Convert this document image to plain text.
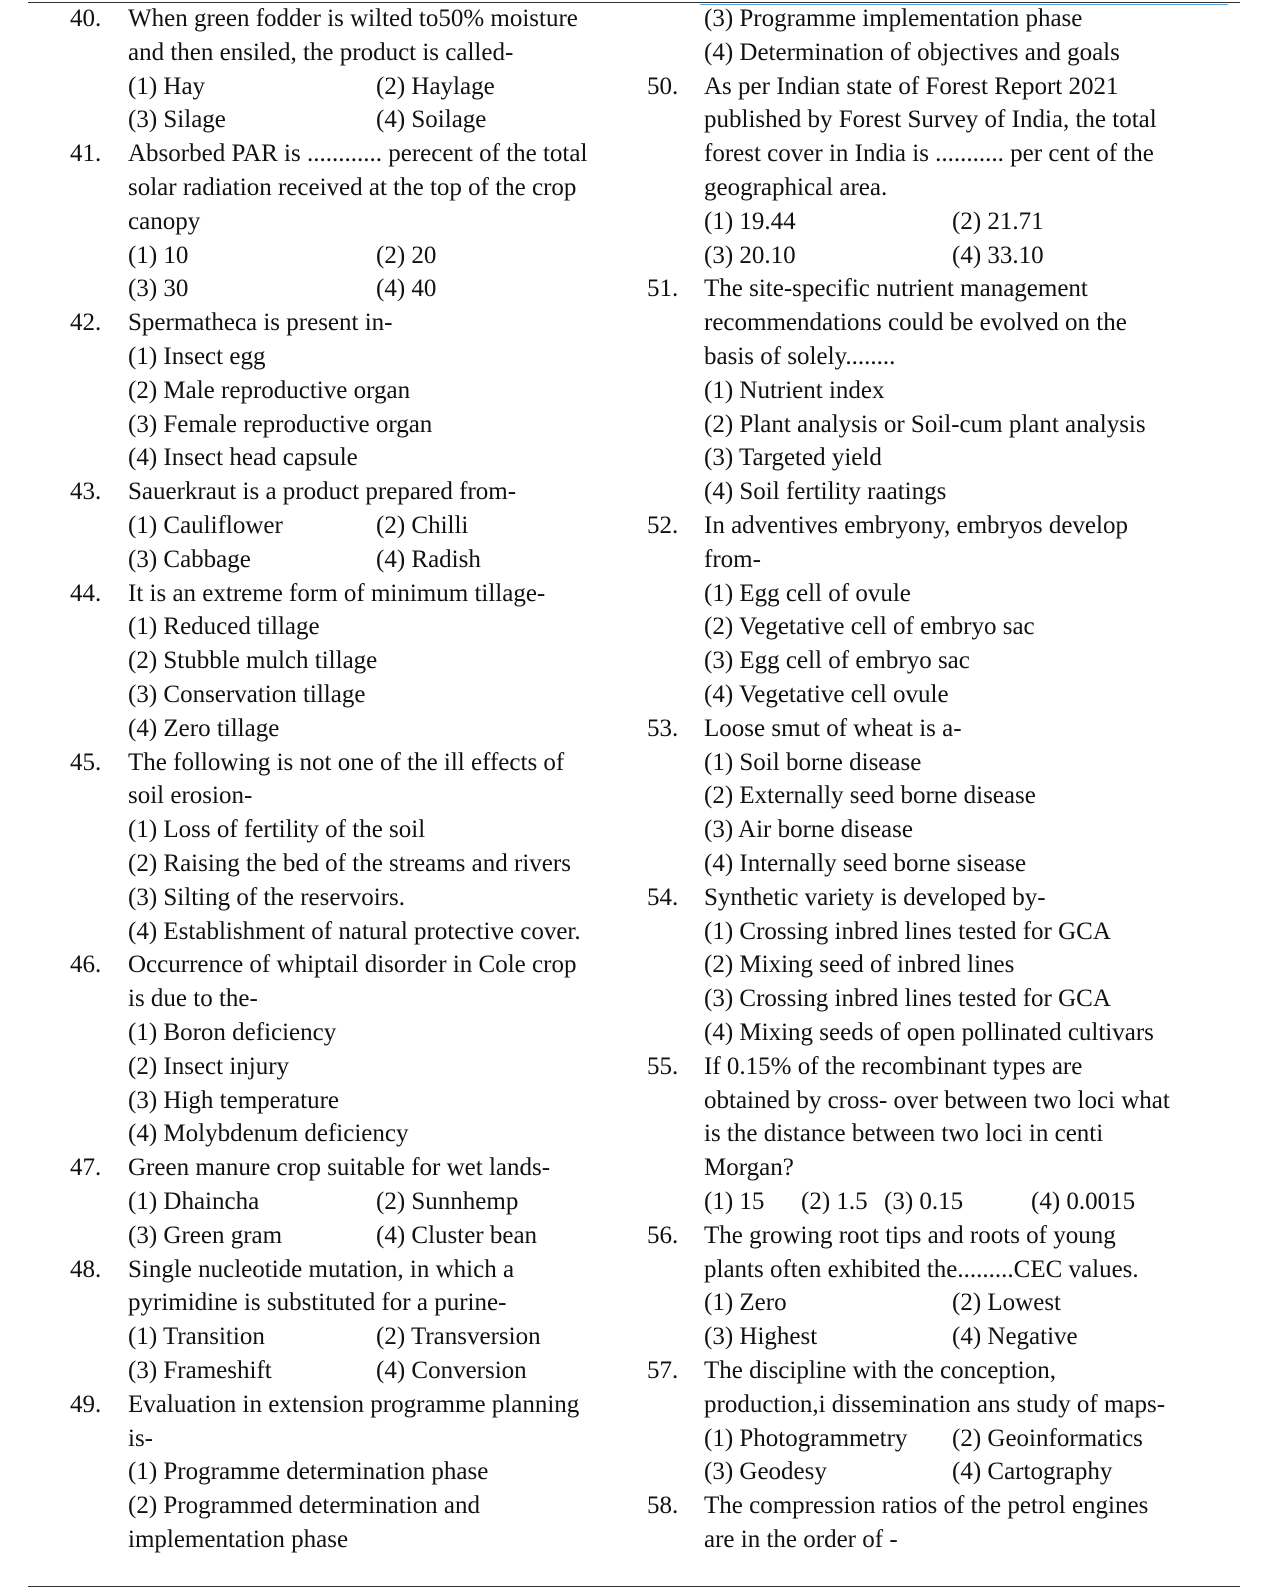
40. When green fodder is wilted to50% moisture
and then ensiled, the product is called-
(1) Hay	(2) Haylage
(3) Silage	(4) Soilage
41. Absorbed PAR is ............ perecent of the total
solar radiation received at the top of the crop
canopy
(1) 10	(2) 20
(3) 30	(4) 40
42. Spermatheca is present in-
(1) Insect egg
(2) Male reproductive organ
(3) Female reproductive organ
(4) Insect head capsule
43. Sauerkraut is a product prepared from-
(1) Cauliflower	(2) Chilli
(3) Cabbage	(4) Radish
44. It is an extreme form of minimum tillage-
(1) Reduced tillage
(2) Stubble mulch tillage
(3) Conservation tillage
(4) Zero tillage
45. The following is not one of the ill effects of
soil erosion-
(1) Loss of fertility of the soil
(2) Raising the bed of the streams and rivers
(3) Silting of the reservoirs.
(4) Establishment of natural protective cover.
46. Occurrence of whiptail disorder in Cole crop
is due to the-
(1) Boron deficiency
(2) Insect injury
(3) High temperature
(4) Molybdenum deficiency
47. Green manure crop suitable for wet lands-
(1) Dhaincha	(2) Sunnhemp
(3) Green gram	(4) Cluster bean
48. Single nucleotide mutation, in which a
pyrimidine is substituted for a purine-
(1) Transition	(2) Transversion
(3) Frameshift	(4) Conversion
49. Evaluation in extension programme planning
is-
(1) Programme determination phase
(2) Programmed determination and
implementation phase
(3) Programme implementation phase
(4) Determination of objectives and goals
50. As per Indian state of Forest Report 2021
published by Forest Survey of India, the total
forest cover in India is ........... per cent of the
geographical area.
(1) 19.44	(2) 21.71
(3) 20.10	(4) 33.10
51. The site-specific nutrient management
recommendations could be evolved on the
basis of solely........
(1) Nutrient index
(2) Plant analysis or Soil-cum plant analysis
(3) Targeted yield
(4) Soil fertility raatings
52. In adventives embryony, embryos develop
from-
(1) Egg cell of ovule
(2) Vegetative cell of embryo sac
(3) Egg cell of embryo sac
(4) Vegetative cell ovule
53. Loose smut of wheat is a-
(1) Soil borne disease
(2) Externally seed borne disease
(3) Air borne disease
(4) Internally seed borne sisease
54. Synthetic variety is developed by-
(1) Crossing inbred lines tested for GCA
(2) Mixing seed of inbred lines
(3) Crossing inbred lines tested for GCA
(4) Mixing seeds of open pollinated cultivars
55. If 0.15% of the recombinant types are
obtained by cross- over between two loci what
is the distance between two loci in centi
Morgan?
(1) 15 (2) 1.5 (3) 0.15	(4) 0.0015
56. The growing root tips and roots of young
plants often exhibited the.........CEC values.
(1) Zero	(2) Lowest
(3) Highest	(4) Negative
57. The discipline with the conception,
production,i dissemination ans study of maps-
(1) Photogrammetry (2) Geoinformatics
(3) Geodesy	(4) Cartography
58. The compression ratios of the petrol engines
are in the order of -
